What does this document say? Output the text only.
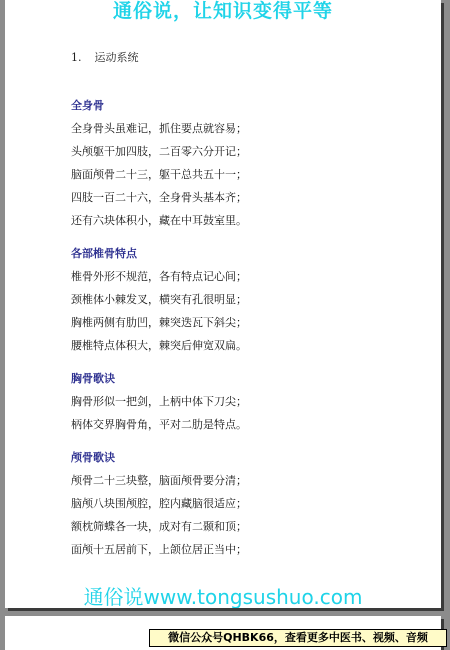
通俗说，让知识变得平等
1. 运动系统
全身骨
全身骨头虽难记，抓住要点就容易；
头颅躯干加四肢，二百零六分开记；
脑面颅骨二十三，躯干总共五十一；
四肢一百二十六，全身骨头基本齐；
还有六块体积小，藏在中耳鼓室里。
各部椎骨特点
椎骨外形不规范，各有特点记心间；
颈椎体小棘发叉，横突有孔很明显；
胸椎两侧有肋凹，棘突迭瓦下斜尖；
腰椎特点体积大，棘突后伸宽双扁。
胸骨歌诀
胸骨形似一把剑，上柄中体下刀尖；
柄体交界胸骨角，平对二肋是特点。
颅骨歌诀
颅骨二十三块整，脑面颅骨要分清；
脑颅八块围颅腔，腔内藏脑很适应；
额枕筛蝶各一块，成对有二颞和顶；
面颅十五居前下，上颌位居正当中；
通俗说www.tongsushuo.com
微信公众号QHBK66，查看更多中医书、视频、音频
